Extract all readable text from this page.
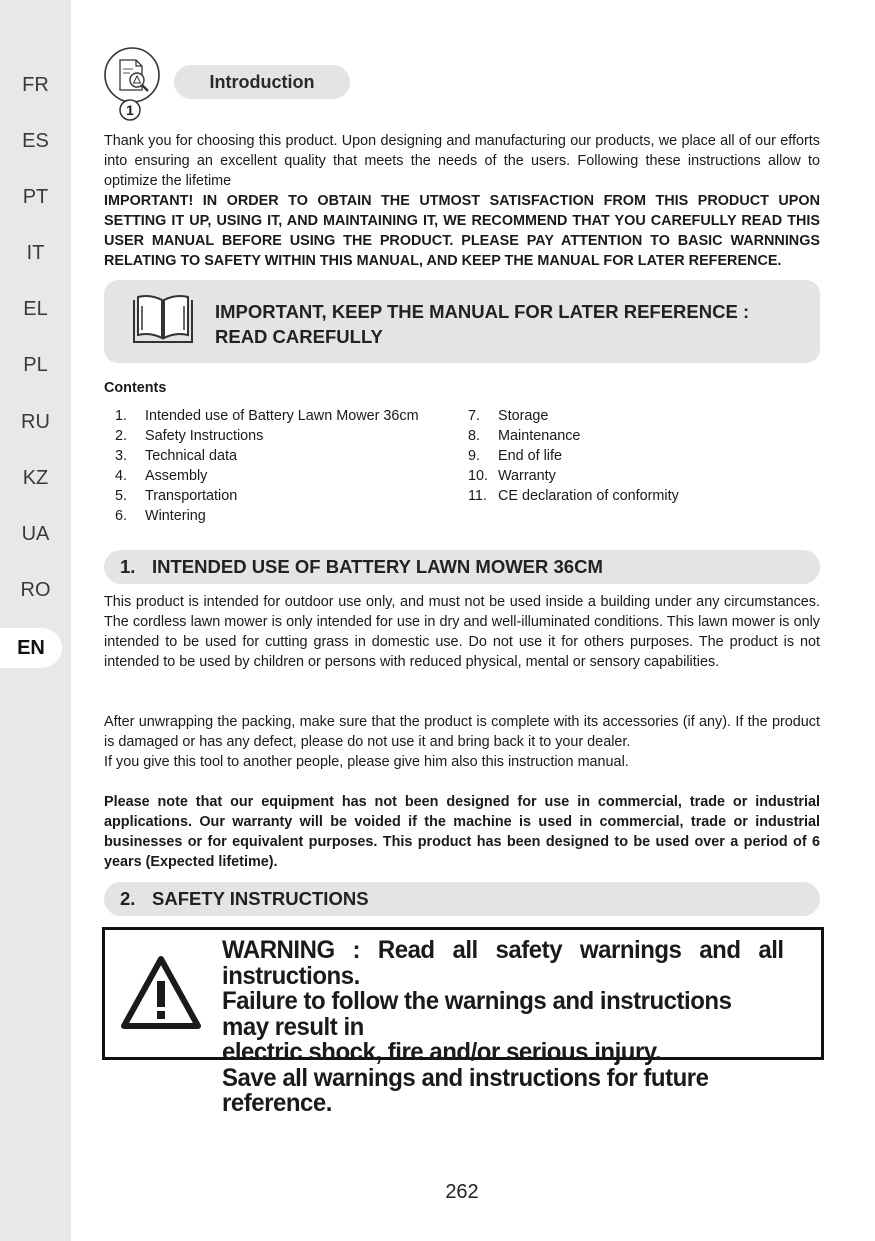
FR
ES
PT
IT
EL
PL
RU
KZ
UA
RO
EN
1
Introduction

Thank you for choosing this product. Upon designing and manufacturing our products, we place all of our efforts into ensuring an excellent quality that meets the needs of the users. Following these instructions allow to optimize the lifetime

IMPORTANT! IN ORDER TO OBTAIN THE UTMOST SATISFACTION FROM THIS PRODUCT UPON SETTING IT UP, USING IT, AND MAINTAINING IT, WE RECOMMEND THAT YOU CAREFULLY READ THIS USER MANUAL BEFORE USING THE PRODUCT. PLEASE PAY ATTENTION TO BASIC WARNNINGS RELATING TO SAFETY WITHIN THIS MANUAL, AND KEEP THE MANUAL FOR LATER REFERENCE.

IMPORTANT, KEEP THE MANUAL FOR LATER REFERENCE : READ CAREFULLY
Contents
1. Intended use of Battery Lawn Mower 36cm
2. Safety Instructions
3. Technical data
4. Assembly
5. Transportation
6. Wintering
7. Storage
8. Maintenance
9. End of life
10. Warranty
11. CE declaration of conformity
1. INTENDED USE OF BATTERY LAWN MOWER 36CM

This product is intended for outdoor use only, and must not be used inside a building under any circumstances. The cordless lawn mower is only intended for use in dry and well-illuminated conditions. This lawn mower is only intended to be used for cutting grass in domestic use. Do not use it for others purposes. The product is not intended to be used by children or persons with reduced physical, mental or sensory capabilities.

After unwrapping the packing, make sure that the product is complete with its accessories (if any). If the product is damaged or has any defect, please do not use it and bring back it to your dealer.

If you give this tool to another people, please give him also this instruction manual.

Please note that our equipment has not been designed for use in commercial, trade or industrial applications. Our warranty will be voided if the machine is used in commercial, trade or industrial businesses or for equivalent purposes. This product has been designed to be used over a period of 6 years (Expected lifetime).

2. SAFETY INSTRUCTIONS
WARNING : Read all safety warnings and all instructions.
Failure to follow the warnings and instructions may result in
electric shock, fire and/or serious injury.
Save all warnings and instructions for future reference.
262
